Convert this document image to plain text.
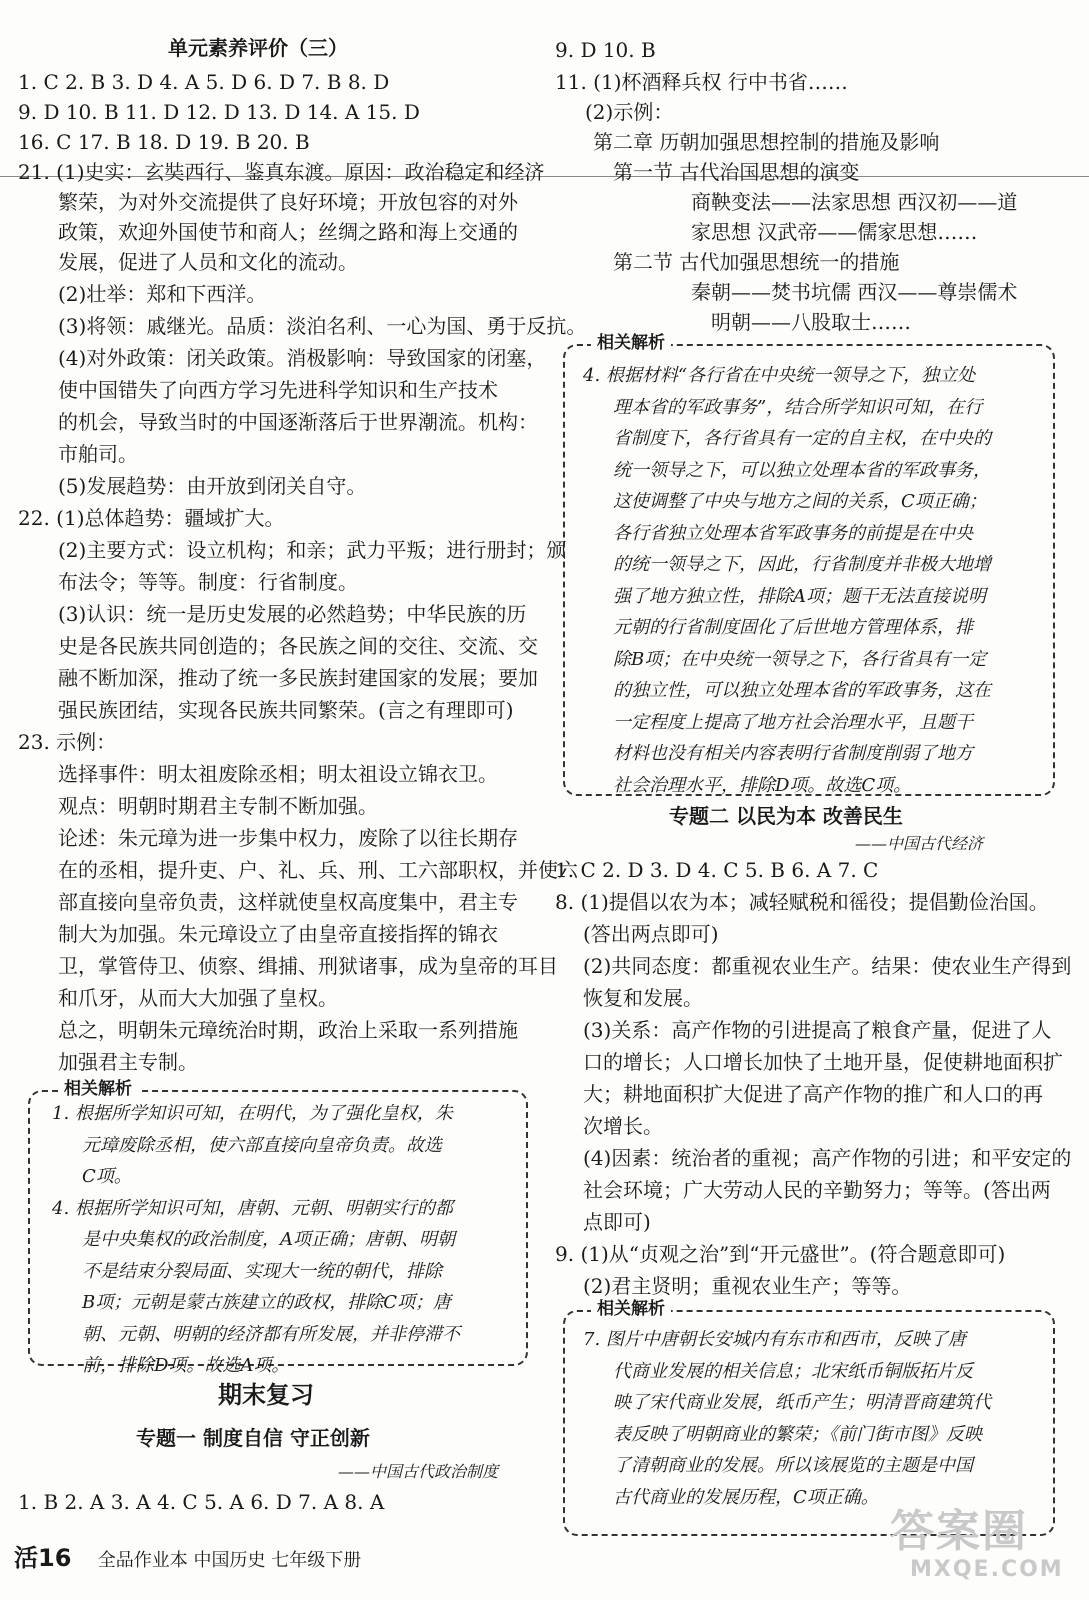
单元素养评价（三）
1. C 2. B 3. D 4. A 5. D 6. D 7. B 8. D
9. D 10. B 11. D 12. D 13. D 14. A 15. D
16. C 17. B 18. D 19. B 20. B
21. (1)史实：玄奘西行、鉴真东渡。原因：政治稳定和经济
繁荣，为对外交流提供了良好环境；开放包容的对外
政策，欢迎外国使节和商人；丝绸之路和海上交通的
发展，促进了人员和文化的流动。
(2)壮举：郑和下西洋。
(3)将领：戚继光。品质：淡泊名利、一心为国、勇于反抗。
(4)对外政策：闭关政策。消极影响：导致国家的闭塞，
使中国错失了向西方学习先进科学知识和生产技术
的机会，导致当时的中国逐渐落后于世界潮流。机构：
市舶司。
(5)发展趋势：由开放到闭关自守。
22. (1)总体趋势：疆域扩大。
(2)主要方式：设立机构；和亲；武力平叛；进行册封；颁
布法令；等等。制度：行省制度。
(3)认识：统一是历史发展的必然趋势；中华民族的历
史是各民族共同创造的；各民族之间的交往、交流、交
融不断加深，推动了统一多民族封建国家的发展；要加
强民族团结，实现各民族共同繁荣。(言之有理即可)
23. 示例：
选择事件：明太祖废除丞相；明太祖设立锦衣卫。
观点：明朝时期君主专制不断加强。
论述：朱元璋为进一步集中权力，废除了以往长期存
在的丞相，提升吏、户、礼、兵、刑、工六部职权，并使六
部直接向皇帝负责，这样就使皇权高度集中，君主专
制大为加强。朱元璋设立了由皇帝直接指挥的锦衣
卫，掌管侍卫、侦察、缉捕、刑狱诸事，成为皇帝的耳目
和爪牙，从而大大加强了皇权。
总之，明朝朱元璋统治时期，政治上采取一系列措施
加强君主专制。
相关解析
1. 根据所学知识可知，在明代，为了强化皇权，朱
元璋废除丞相，使六部直接向皇帝负责。故选
C项。
4. 根据所学知识可知，唐朝、元朝、明朝实行的都
是中央集权的政治制度，A项正确；唐朝、明朝
不是结束分裂局面、实现大一统的朝代，排除
B项；元朝是蒙古族建立的政权，排除C项；唐
朝、元朝、明朝的经济都有所发展，并非停滞不
前，排除D项。故选A项。
期末复习
专题一 制度自信 守正创新
——中国古代政治制度
1. B 2. A 3. A 4. C 5. A 6. D 7. A 8. A
9. D 10. B
11. (1)杯酒释兵权 行中书省……
(2)示例：
第二章 历朝加强思想控制的措施及影响
第一节 古代治国思想的演变
商鞅变法——法家思想 西汉初——道
家思想 汉武帝——儒家思想……
第二节 古代加强思想统一的措施
秦朝——焚书坑儒 西汉——尊崇儒术
明朝——八股取士……
相关解析
4. 根据材料“各行省在中央统一领导之下，独立处
理本省的军政事务”，结合所学知识可知，在行
省制度下，各行省具有一定的自主权，在中央的
统一领导之下，可以独立处理本省的军政事务，
这使调整了中央与地方之间的关系，C项正确；
各行省独立处理本省军政事务的前提是在中央
的统一领导之下，因此，行省制度并非极大地增
强了地方独立性，排除A项；题干无法直接说明
元朝的行省制度固化了后世地方管理体系，排
除B项；在中央统一领导之下，各行省具有一定
的独立性，可以独立处理本省的军政事务，这在
一定程度上提高了地方社会治理水平，且题干
材料也没有相关内容表明行省制度削弱了地方
社会治理水平，排除D项。故选C项。
专题二 以民为本 改善民生
——中国古代经济
1. C 2. D 3. D 4. C 5. B 6. A 7. C
8. (1)提倡以农为本；减轻赋税和徭役；提倡勤俭治国。
(答出两点即可)
(2)共同态度：都重视农业生产。结果：使农业生产得到
恢复和发展。
(3)关系：高产作物的引进提高了粮食产量，促进了人
口的增长；人口增长加快了土地开垦，促使耕地面积扩
大；耕地面积扩大促进了高产作物的推广和人口的再
次增长。
(4)因素：统治者的重视；高产作物的引进；和平安定的
社会环境；广大劳动人民的辛勤努力；等等。(答出两
点即可)
9. (1)从“贞观之治”到“开元盛世”。(符合题意即可)
(2)君主贤明；重视农业生产；等等。
相关解析
7. 图片中唐朝长安城内有东市和西市，反映了唐
代商业发展的相关信息；北宋纸币铜版拓片反
映了宋代商业发展，纸币产生；明清晋商建筑代
表反映了明朝商业的繁荣；《前门街市图》反映
了清朝商业的发展。所以该展览的主题是中国
古代商业的发展历程，C项正确。
活16 全品作业本 中国历史 七年级下册
答案圈
MXQE.COM
